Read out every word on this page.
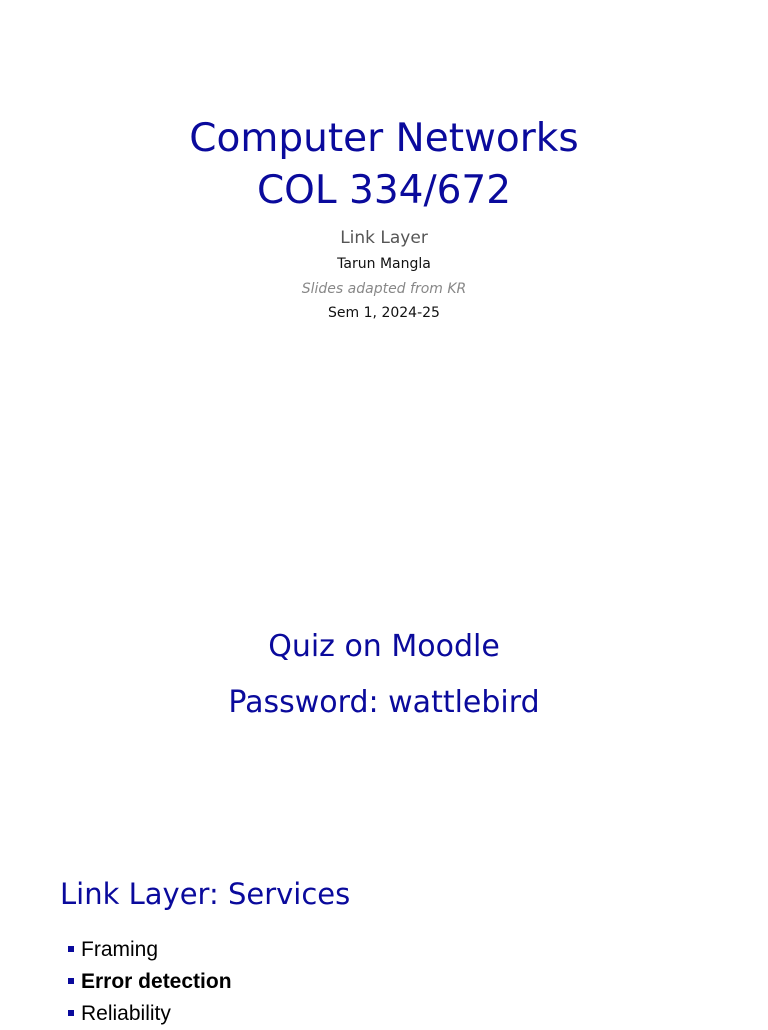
Computer Networks
COL 334/672
Link Layer
Tarun Mangla
Slides adapted from KR
Sem 1, 2024-25
Quiz on Moodle
Password: wattlebird
Link Layer: Services
Framing
Error detection
Reliability
